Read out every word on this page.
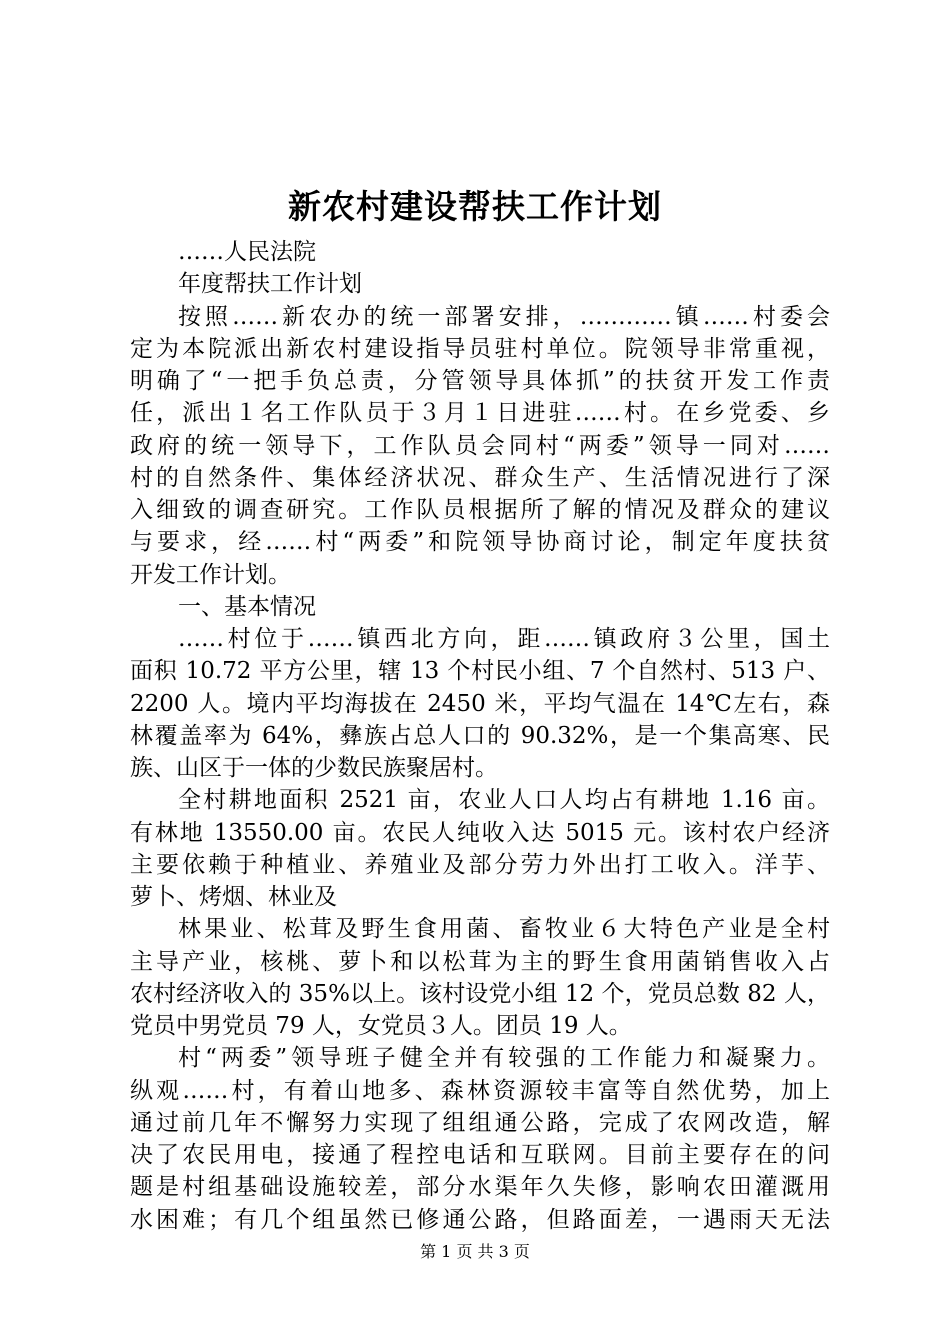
新农村建设帮扶工作计划
……人民法院
年度帮扶工作计划
按照……新农办的统一部署安排，…………镇……村委会
定为本院派出新农村建设指导员驻村单位。院领导非常重视，
明确了“一把手负总责，分管领导具体抓”的扶贫开发工作责
任，派出１名工作队员于３月１日进驻……村。在乡党委、乡
政府的统一领导下，工作队员会同村“两委”领导一同对……
村的自然条件、集体经济状况、群众生产、生活情况进行了深
入细致的调查研究。工作队员根据所了解的情况及群众的建议
与要求，经……村“两委”和院领导协商讨论，制定年度扶贫
开发工作计划。
一、基本情况
……村位于……镇西北方向，距……镇政府３公里，国土
面积 10.72 平方公里，辖 13 个村民小组、7 个自然村、513 户、
2200 人。境内平均海拔在 2450 米，平均气温在 14℃左右，森
林覆盖率为 64%，彝族占总人口的 90.32%，是一个集高寒、民
族、山区于一体的少数民族聚居村。
全村耕地面积 2521 亩，农业人口人均占有耕地 1.16 亩。
有林地 13550.00 亩。农民人纯收入达 5015 元。该村农户经济
主要依赖于种植业、养殖业及部分劳力外出打工收入。洋芋、
萝卜、烤烟、林业及
林果业、松茸及野生食用菌、畜牧业６大特色产业是全村
主导产业，核桃、萝卜和以松茸为主的野生食用菌销售收入占
农村经济收入的 35%以上。该村设党小组 12 个，党员总数 82 人，
党员中男党员 79 人，女党员３人。团员 19 人。
村“两委”领导班子健全并有较强的工作能力和凝聚力。
纵观……村，有着山地多、森林资源较丰富等自然优势，加上
通过前几年不懈努力实现了组组通公路，完成了农网改造，解
决了农民用电，接通了程控电话和互联网。目前主要存在的问
题是村组基础设施较差，部分水渠年久失修，影响农田灌溉用
水困难；有几个组虽然已修通公路，但路面差，一遇雨天无法
第 1 页 共 3 页
